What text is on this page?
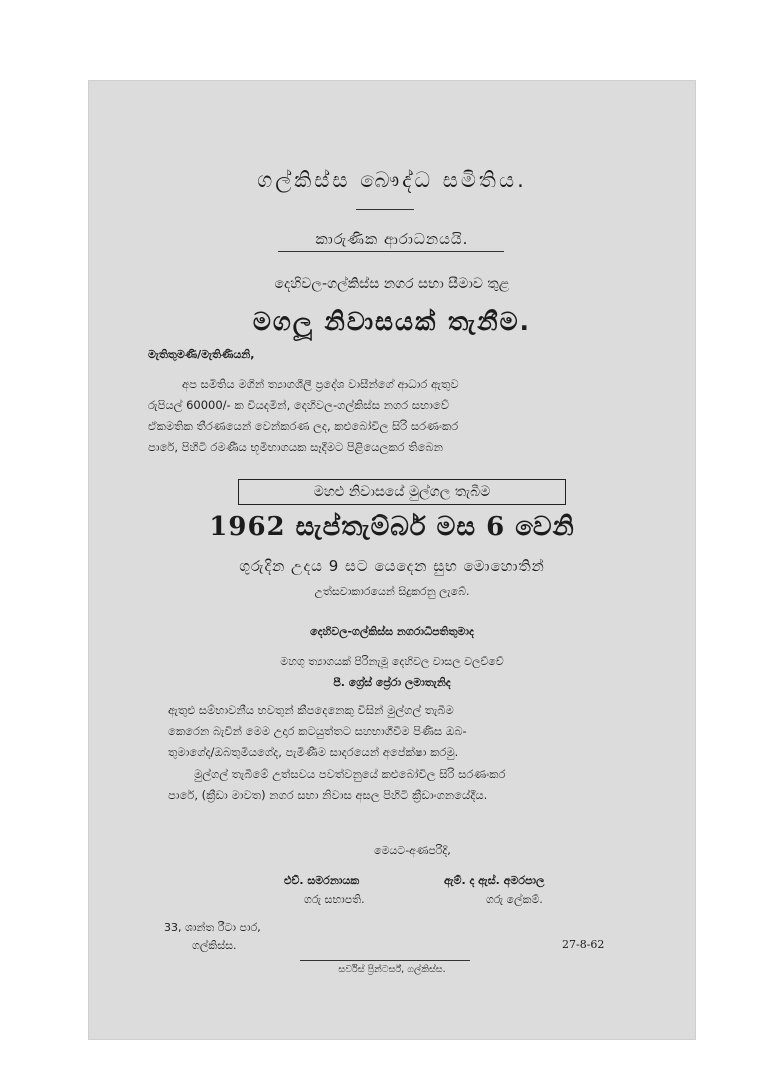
ගල්කිස්ස බෞද්ධ සමිතිය.
කාරුණික ආරාධනයයි.
දෙහිවල-ගල්කිස්ස නගර සභා සීමාව තුළ
මගලූ නිවාසයක් තැනීම.
මැතිතුමණි/මැතිණියනි,
අප සමිතිය මගින් ත්‍යාගශීලී ප්‍රදේශ වාසීන්ගේ ආධාර ඇතුව
රුපියල් 60000/- ක වියදමින්, දෙහිවල-ගල්කිස්ස නගර සභාවේ
ඒකමතික තීරණයෙන් වෙන්කරණ ලද, කළුබෝවිල සිරි සරණංකර
පාරේ, පිහිටි රමණීය භූමිභාගයක සෑදීමට පිළියෙලකර තිබෙන
මහළු නිවාසයේ මුල්ගල තැබීම
1962 සැප්තැම්බර් මස 6 වෙනි
ගුරුදින උදය 9 සට යෙදෙන සුභ මොහොතින්
උත්සවාකාරයෙන් සිදුකරනු ලැබේ.
දෙහිවල-ගල්කිස්ස නගරාධිපතිතුමාද
මහගු ත්‍යාගයක් පිරිනැමූ දෙහිවල වාසල වලව්වේ
පී. ග්‍රේස් ප්‍රේරා ලමාතැනිද
ඇතුළු සම්භාවනීය භවතුන් කීපදෙනෙකු විසින් මුල්ගල් තැබීම
කෙරෙන බැවින් මෙම උදාර කටයුත්තට සහභාගීවීම පිණිස ඔබ-
තුමාගේද/ඔබතුමියගේද, පැමිණීම සාදරයෙන් අපේක්ෂා කරමු.
මුල්ගල් තැබීමේ උත්සවය පවත්වනුයේ කළුබෝවිල සිරි සරණංකර
පාරේ, (ක්‍රීඩා මාවත) නගර සභා නිවාස අසල පිහිටි ක්‍රීඩාංගනයේදීය.
මෙයට-අණපරිදි,
එච්. සමරනායක
ගරු සභාපති.
ඇම්. ද ඇස්. අමරපාල
ගරු ලේකම්.
33, ශාන්ත රීටා පාර,
ගල්කිස්ස.	27-8-62
සර්විස් ප්‍රින්ටර්ස්, ගල්කිස්ස.
